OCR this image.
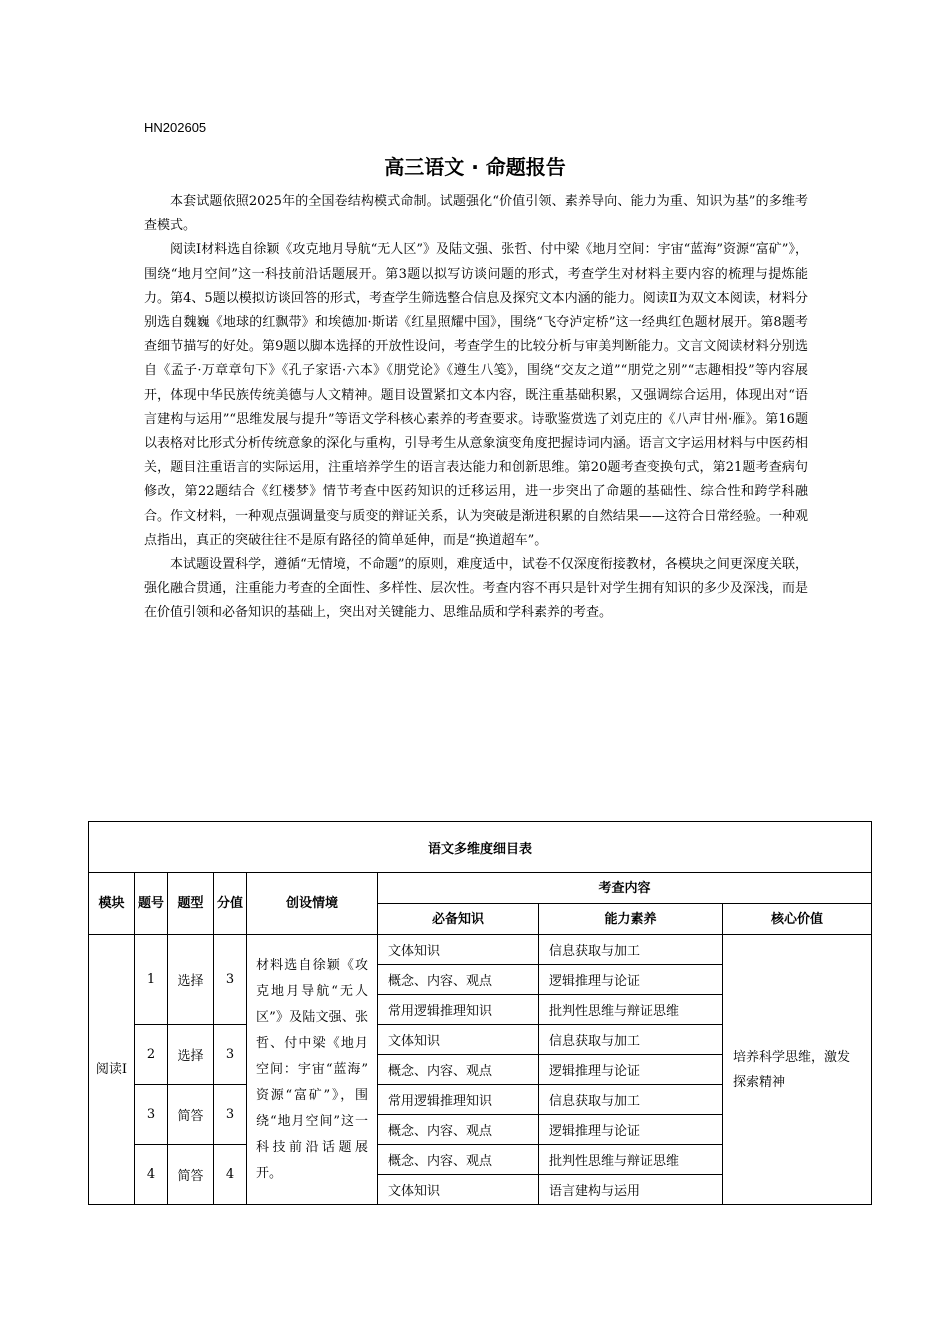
HN202605
高三语文 · 命题报告

本套试题依照2025年的全国卷结构模式命制。试题强化“价值引领、素养导向、能力为重、知识为基”的多维考查模式。

阅读Ⅰ材料选自徐颖《攻克地月导航“无人区”》及陆文强、张哲、付中梁《地月空间：宇宙“蓝海”资源“富矿”》，围绕“地月空间”这一科技前沿话题展开。第3题以拟写访谈问题的形式，考查学生对材料主要内容的梳理与提炼能力。第4、5题以模拟访谈回答的形式，考查学生筛选整合信息及探究文本内涵的能力。阅读Ⅱ为双文本阅读，材料分别选自魏巍《地球的红飘带》和埃德加·斯诺《红星照耀中国》，围绕“飞夺泸定桥”这一经典红色题材展开。第8题考查细节描写的好处。第9题以脚本选择的开放性设问，考查学生的比较分析与审美判断能力。文言文阅读材料分别选自《孟子·万章章句下》《孔子家语·六本》《朋党论》《遵生八笺》，围绕“交友之道”“朋党之别”“志趣相投”等内容展开，体现中华民族传统美德与人文精神。题目设置紧扣文本内容，既注重基础积累，又强调综合运用，体现出对“语言建构与运用”“思维发展与提升”等语文学科核心素养的考查要求。诗歌鉴赏选了刘克庄的《八声甘州·雁》。第16题以表格对比形式分析传统意象的深化与重构，引导考生从意象演变角度把握诗词内涵。语言文字运用材料与中医药相关，题目注重语言的实际运用，注重培养学生的语言表达能力和创新思维。第20题考查变换句式，第21题考查病句修改，第22题结合《红楼梦》情节考查中医药知识的迁移运用，进一步突出了命题的基础性、综合性和跨学科融合。作文材料，一种观点强调量变与质变的辩证关系，认为突破是渐进积累的自然结果——这符合日常经验。一种观点指出，真正的突破往往不是原有路径的简单延伸，而是“换道超车”。

本试题设置科学，遵循“无情境，不命题”的原则，难度适中，试卷不仅深度衔接教材，各模块之间更深度关联，强化融合贯通，注重能力考查的全面性、多样性、层次性。考查内容不再只是针对学生拥有知识的多少及深浅，而是在价值引领和必备知识的基础上，突出对关键能力、思维品质和学科素养的考查。

语文多维度细目表							
模块	题号	题型	分值	创设情境	考查内容		
					必备知识	能力素养	核心价值
阅读Ⅰ	1	选择	3	材料选自徐颖《攻克地月导航“无人区”》及陆文强、张哲、付中梁《地月空间：宇宙“蓝海” 资源“富矿”》，围绕“地月空间”这一科技前沿话题展开。	文体知识	信息获取与加工	培养科学思维，激发探索精神
					概念、内容、观点	逻辑推理与论证	
					常用逻辑推理知识	批判性思维与辩证思维	
	2	选择	3		文体知识	信息获取与加工	
					概念、内容、观点	逻辑推理与论证	
	3	简答	3		常用逻辑推理知识	信息获取与加工	
					概念、内容、观点	逻辑推理与论证	
	4	简答	4		概念、内容、观点	批判性思维与辩证思维	
					文体知识	语言建构与运用	
